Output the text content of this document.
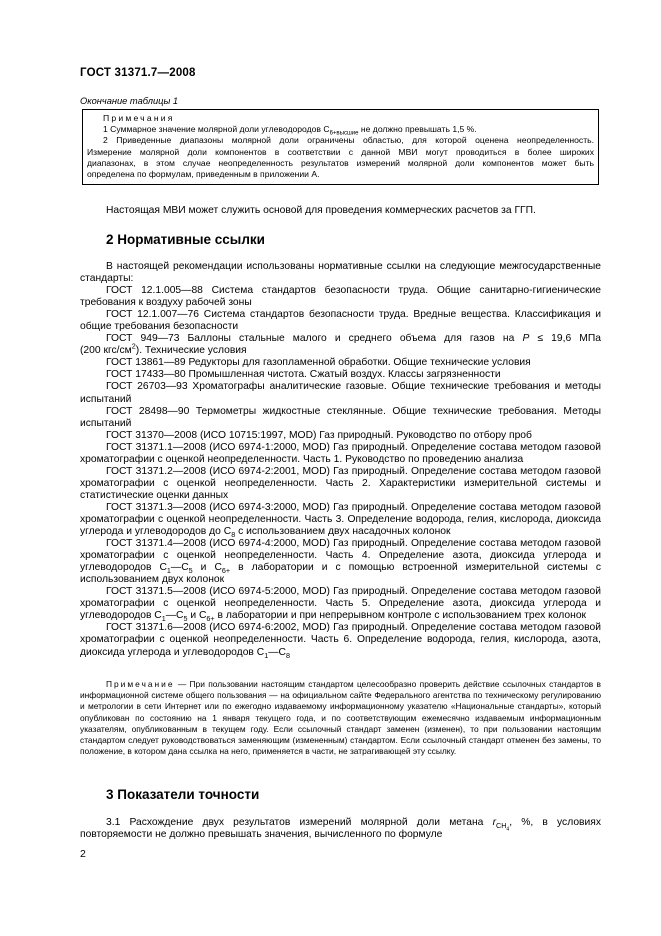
ГОСТ 31371.7—2008
Окончание таблицы 1
Примечания
1 Суммарное значение молярной доли углеводородов $С_{6+высшие}$ не должно превышать 1,5 %.
2 Приведенные диапазоны молярной доли ограничены областью, для которой оценена неопределенность.
Измерение молярной доли компонентов в соответствии с данной МВИ могут проводиться в более широких
диапазонах, в этом случае неопределенность результатов измерений молярной доли компонентов может быть
определена по формулам, приведенным в приложении А.

Настоящая МВИ может служить основой для проведения коммерческих расчетов за ГГП.

2 Нормативные ссылки

В настоящей рекомендации использованы нормативные ссылки на следующие межгосударственные стандарты:

ГОСТ 12.1.005—88 Система стандартов безопасности труда. Общие санитарно-гигиенические требования к воздуху рабочей зоны

ГОСТ 12.1.007—76 Система стандартов безопасности труда. Вредные вещества. Классификация и общие требования безопасности

ГОСТ 949—73 Баллоны стальные малого и среднего объема для газов на P ≤ 19,6 МПа

(200 кгс/$см^2$). Технические условия

ГОСТ 13861—89 Редукторы для газопламенной обработки. Общие технические условия

ГОСТ 17433—80 Промышленная чистота. Сжатый воздух. Классы загрязненности

ГОСТ 26703—93 Хроматографы аналитические газовые. Общие технические требования и методы испытаний

ГОСТ 28498—90 Термометры жидкостные стеклянные. Общие технические требования. Методы испытаний

ГОСТ 31370—2008 (ИСО 10715:1997, MOD) Газ природный. Руководство по отбору проб

ГОСТ 31371.1—2008 (ИСО 6974-1:2000, MOD) Газ природный. Определение состава методом газовой хроматографии с оценкой неопределенности. Часть 1. Руководство по проведению анализа

ГОСТ 31371.2—2008 (ИСО 6974-2:2001, MOD) Газ природный. Определение состава методом газовой хроматографии с оценкой неопределенности. Часть 2. Характеристики измерительной системы и статистические оценки данных

ГОСТ 31371.3—2008 (ИСО 6974-3:2000, MOD) Газ природный. Определение состава методом газовой хроматографии с оценкой неопределенности. Часть 3. Определение водорода, гелия, кислорода, диоксида углерода и углеводородов до $С_8$ с использованием двух насадочных колонок

ГОСТ 31371.4—2008 (ИСО 6974-4:2000, MOD) Газ природный. Определение состава методом газовой хроматографии с оценкой неопределенности. Часть 4. Определение азота, диоксида углерода и углеводородов $С_1—С_5$ и $С_{6+}$ в лаборатории и с помощью встроенной измерительной системы с использованием двух колонок

ГОСТ 31371.5—2008 (ИСО 6974-5:2000, MOD) Газ природный. Определение состава методом газовой хроматографии с оценкой неопределенности. Часть 5. Определение азота, диоксида углерода и углеводородов $С_1—С_5$ и $С_{6+}$ в лаборатории и при непрерывном контроле с использованием трех колонок

ГОСТ 31371.6—2008 (ИСО 6974-6:2002, MOD) Газ природный. Определение состава методом газовой хроматографии с оценкой неопределенности. Часть 6. Определение водорода, гелия, кислорода, азота, диоксида углерода и углеводородов $С_1—С_8$

Примечание — При пользовании настоящим стандартом целесообразно проверить действие ссылочных стандартов в информационной системе общего пользования — на официальном сайте Федерального агентства по техническому регулированию и метрологии в сети Интернет или по ежегодно издаваемому информационному указателю «Национальные стандарты», который опубликован по состоянию на 1 января текущего года, и по соответствующим ежемесячно издаваемым информационным указателям, опубликованным в текущем году. Если ссылочный стандарт заменен (изменен), то при пользовании настоящим стандартом следует руководствоваться заменяющим (измененным) стандартом. Если ссылочный стандарт отменен без замены, то положение, в котором дана ссылка на него, применяется в части, не затрагивающей эту ссылку.
3 Показатели точности

3.1 Расхождение двух результатов измерений молярной доли метана $r_{CH_4}$, %, в условиях повторяемости не должно превышать значения, вычисленного по формуле

2
